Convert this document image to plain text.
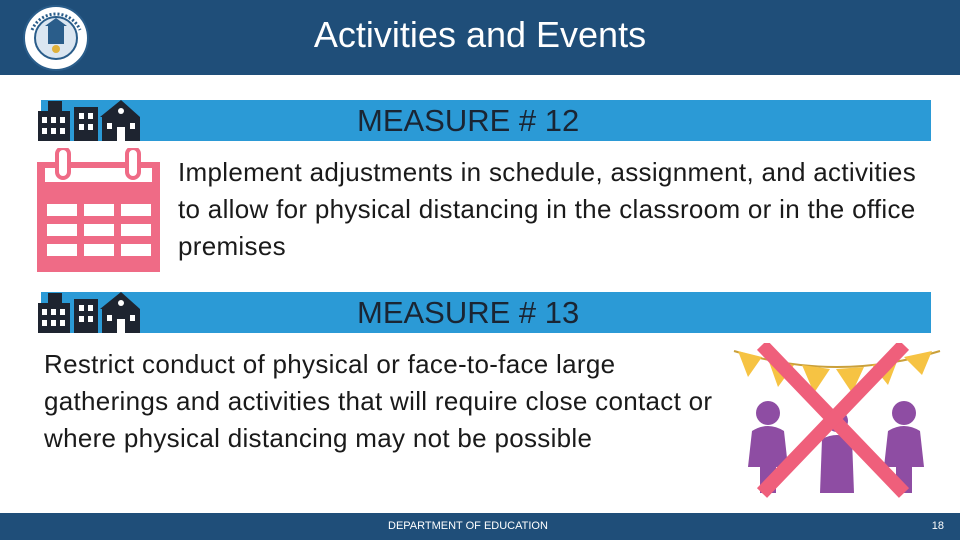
Activities and Events
MEASURE # 12
Implement adjustments in schedule, assignment, and activities to allow for physical distancing in the classroom or in the office premises
MEASURE # 13
Restrict conduct of physical or face-to-face large gatherings and activities that will require close contact or where physical distancing may not be possible
DEPARTMENT OF EDUCATION	18
